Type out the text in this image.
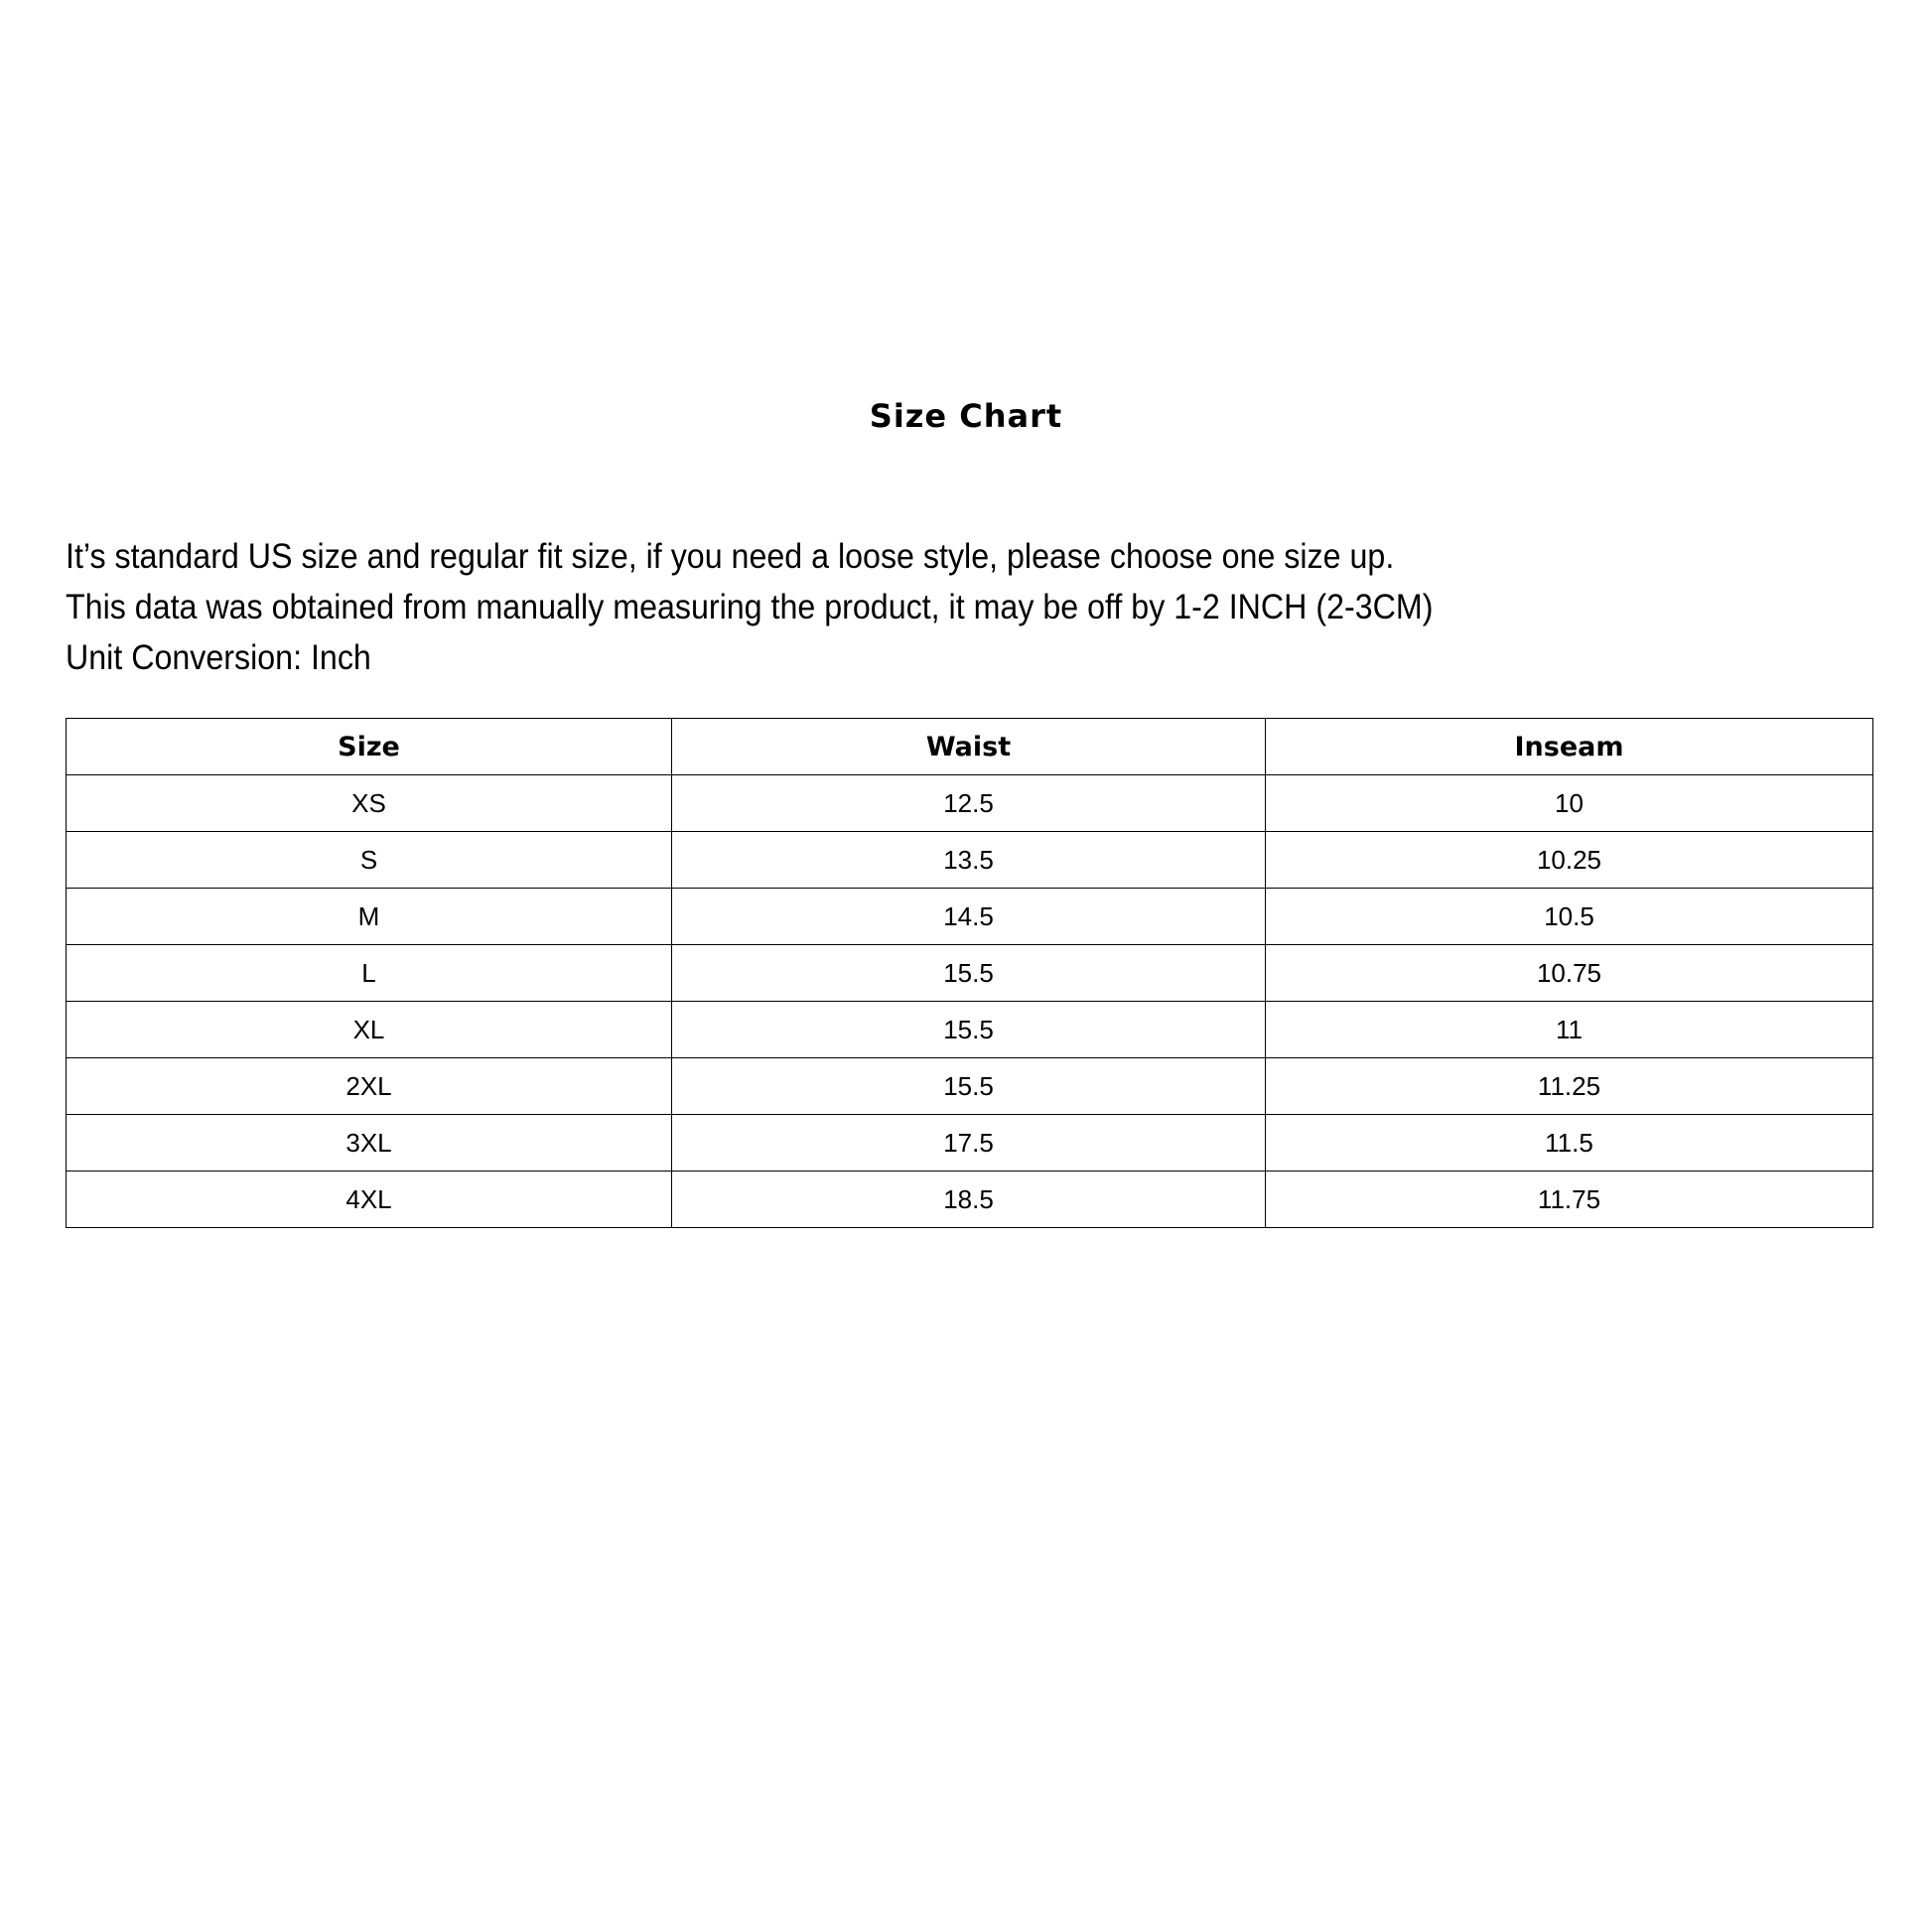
Size Chart
It’s standard US size and regular fit size, if you need a loose style, please choose one size up.
This data was obtained from manually measuring the product, it may be off by 1-2 INCH (2-3CM)
Unit Conversion: Inch
Size	Waist	Inseam
XS	12.5	10
S	13.5	10.25
M	14.5	10.5
L	15.5	10.75
XL	15.5	11
2XL	15.5	11.25
3XL	17.5	11.5
4XL	18.5	11.75
